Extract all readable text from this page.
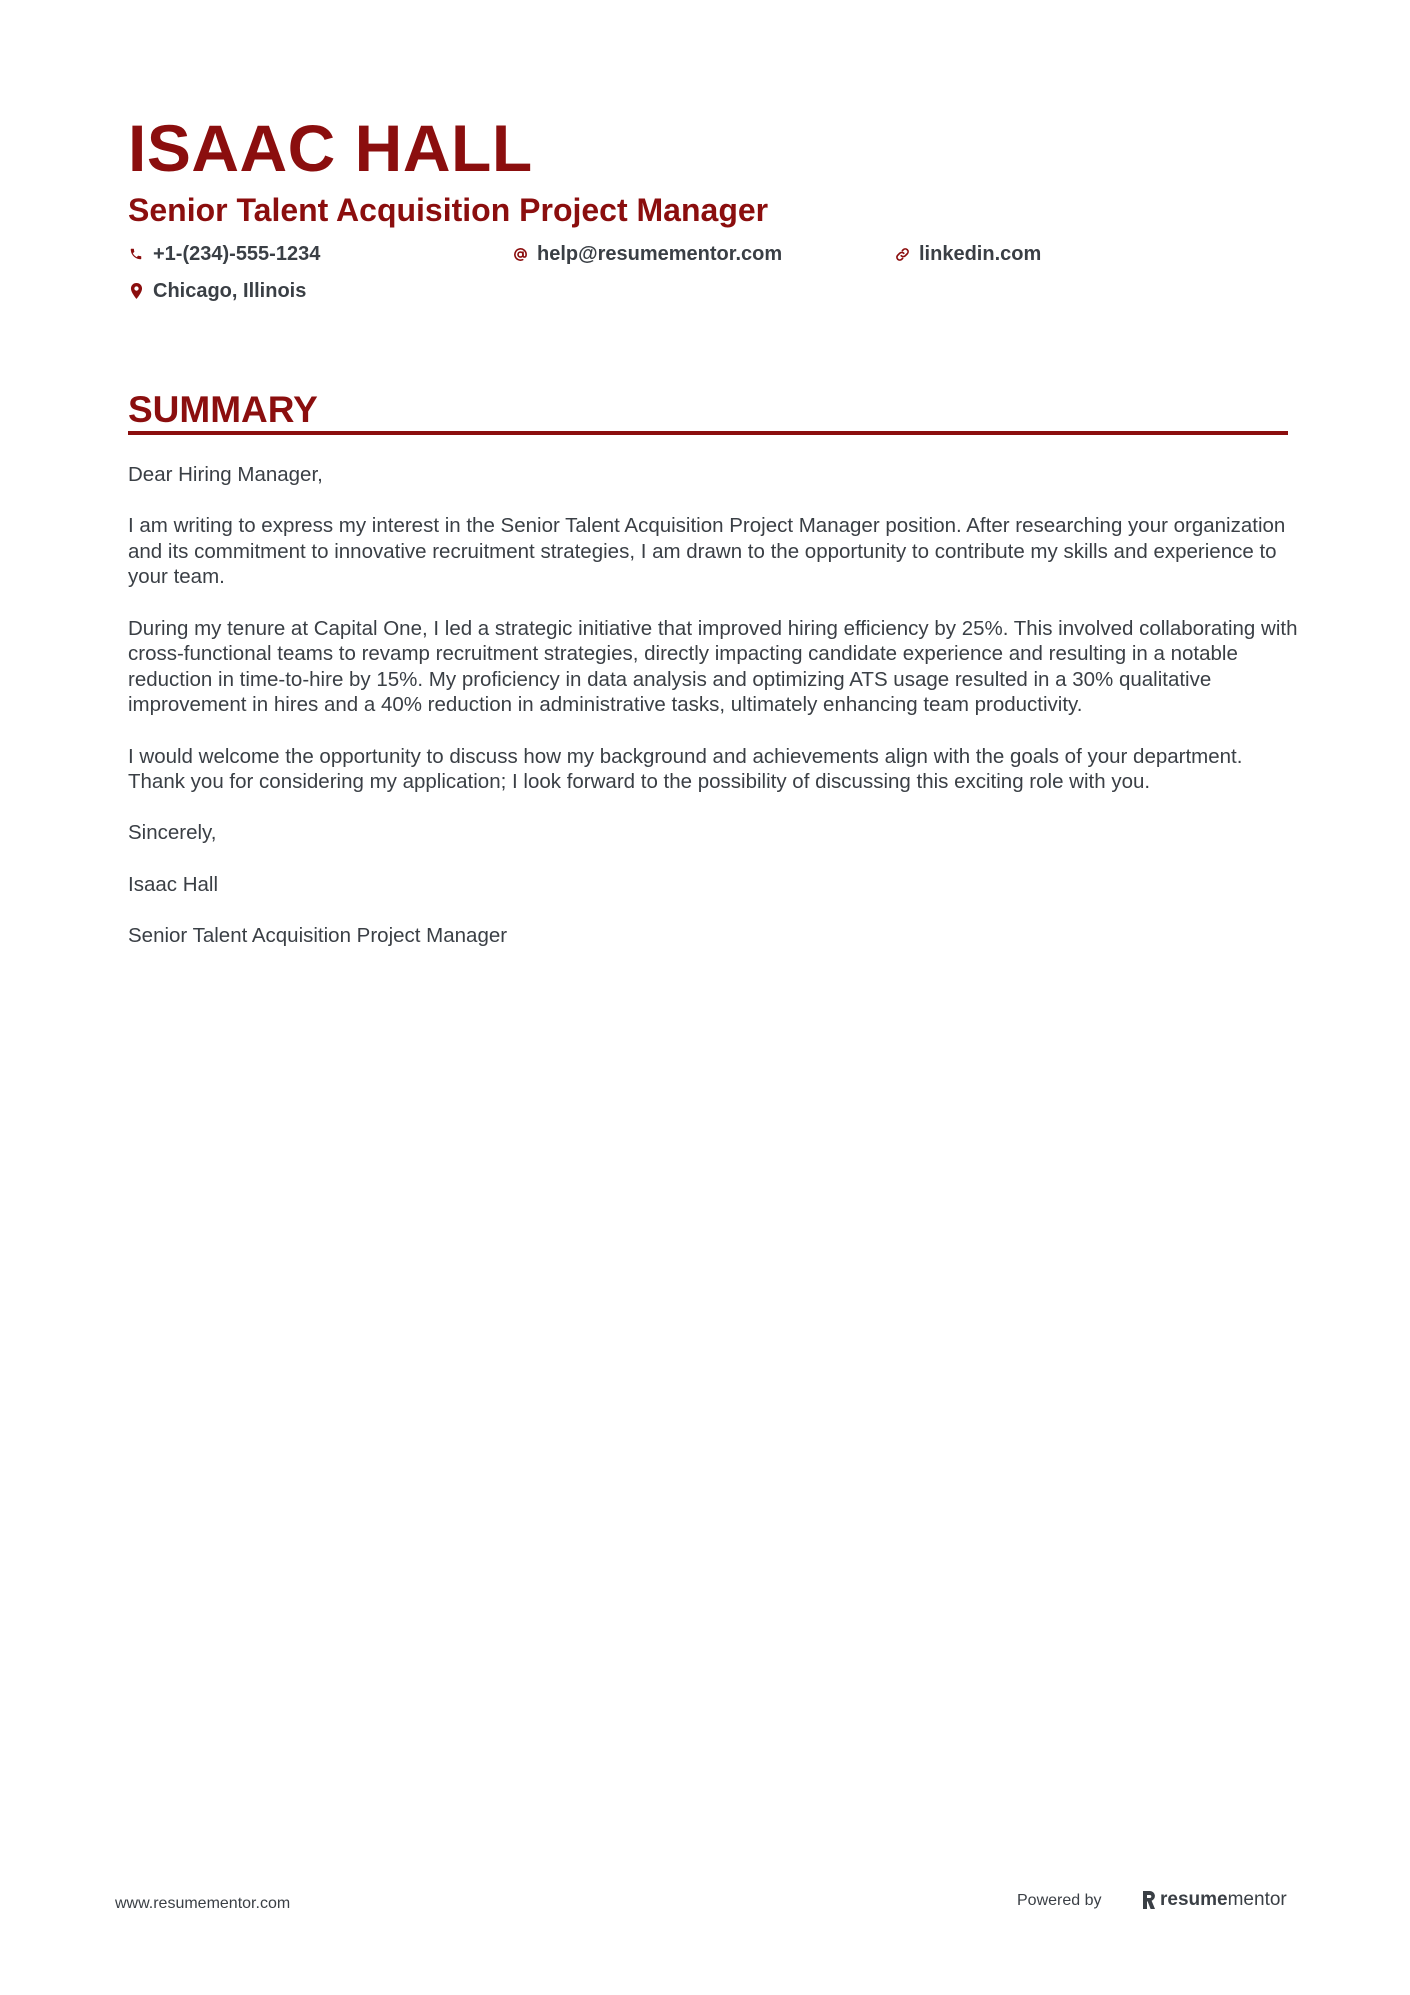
ISAAC HALL
Senior Talent Acquisition Project Manager
+1-(234)-555-1234	help@resumementor.com	linkedin.com
Chicago, Illinois
SUMMARY

Dear Hiring Manager,

I am writing to express my interest in the Senior Talent Acquisition Project Manager position. After researching your organization and its commitment to innovative recruitment strategies, I am drawn to the opportunity to contribute my skills and experience to your team.

During my tenure at Capital One, I led a strategic initiative that improved hiring efficiency by 25%. This involved collaborating with cross-functional teams to revamp recruitment strategies, directly impacting candidate experience and resulting in a notable reduction in time-to-hire by 15%. My proficiency in data analysis and optimizing ATS usage resulted in a 30% qualitative improvement in hires and a 40% reduction in administrative tasks, ultimately enhancing team productivity.

I would welcome the opportunity to discuss how my background and achievements align with the goals of your department. Thank you for considering my application; I look forward to the possibility of discussing this exciting role with you.

Sincerely,

Isaac Hall

Senior Talent Acquisition Project Manager

www.resumementor.com	Powered by	resume mentor
